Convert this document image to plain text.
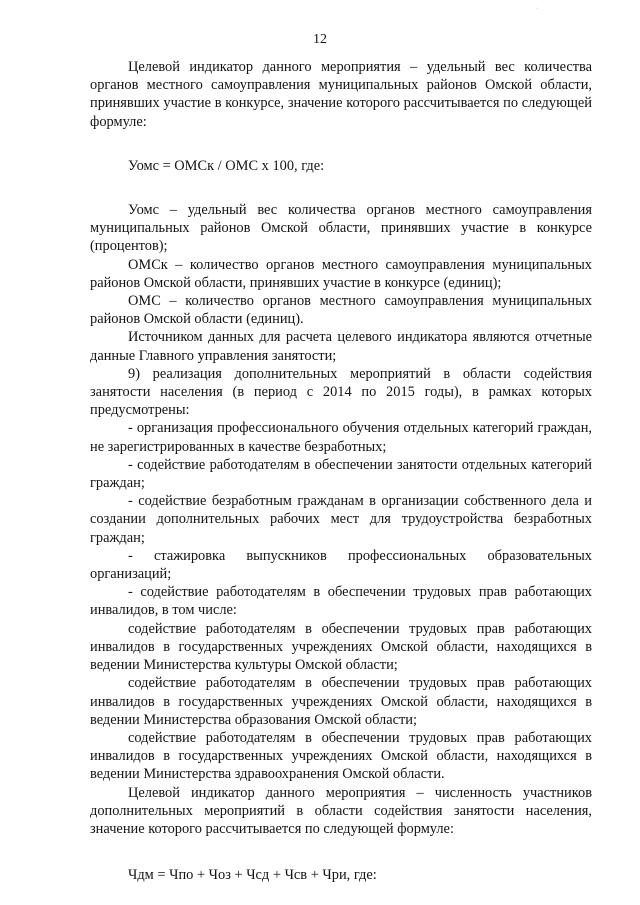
·
12

Целевой индикатор данного мероприятия – удельный вес количества органов местного самоуправления муниципальных районов Омской области, принявших участие в конкурсе, значение которого рассчитывается по следующей формуле:

Уомс = ОМСк / ОМС х 100, где:

Уомс – удельный вес количества органов местного самоуправления муниципальных районов Омской области, принявших участие в конкурсе (процентов);

ОМСк – количество органов местного самоуправления муниципальных районов Омской области, принявших участие в конкурсе (единиц);

ОМС – количество органов местного самоуправления муниципальных районов Омской области (единиц).

Источником данных для расчета целевого индикатора являются отчетные данные Главного управления занятости;

9) реализация дополнительных мероприятий в области содействия занятости населения (в период с 2014 по 2015 годы), в рамках которых предусмотрены:

- организация профессионального обучения отдельных категорий граждан, не зарегистрированных в качестве безработных;

- содействие работодателям в обеспечении занятости отдельных категорий граждан;

- содействие безработным гражданам в организации собственного дела и создании дополнительных рабочих мест для трудоустройства безработных граждан;

- стажировка выпускников профессиональных образовательных организаций;

- содействие работодателям в обеспечении трудовых прав работающих инвалидов, в том числе:

содействие работодателям в обеспечении трудовых прав работающих инвалидов в государственных учреждениях Омской области, находящихся в ведении Министерства культуры Омской области;

содействие работодателям в обеспечении трудовых прав работающих инвалидов в государственных учреждениях Омской области, находящихся в ведении Министерства образования Омской области;

содействие работодателям в обеспечении трудовых прав работающих инвалидов в государственных учреждениях Омской области, находящихся в ведении Министерства здравоохранения Омской области.

Целевой индикатор данного мероприятия – численность участников дополнительных мероприятий в области содействия занятости населения, значение которого рассчитывается по следующей формуле:

Чдм = Чпо + Чоз + Чсд + Чсв + Чри, где:
